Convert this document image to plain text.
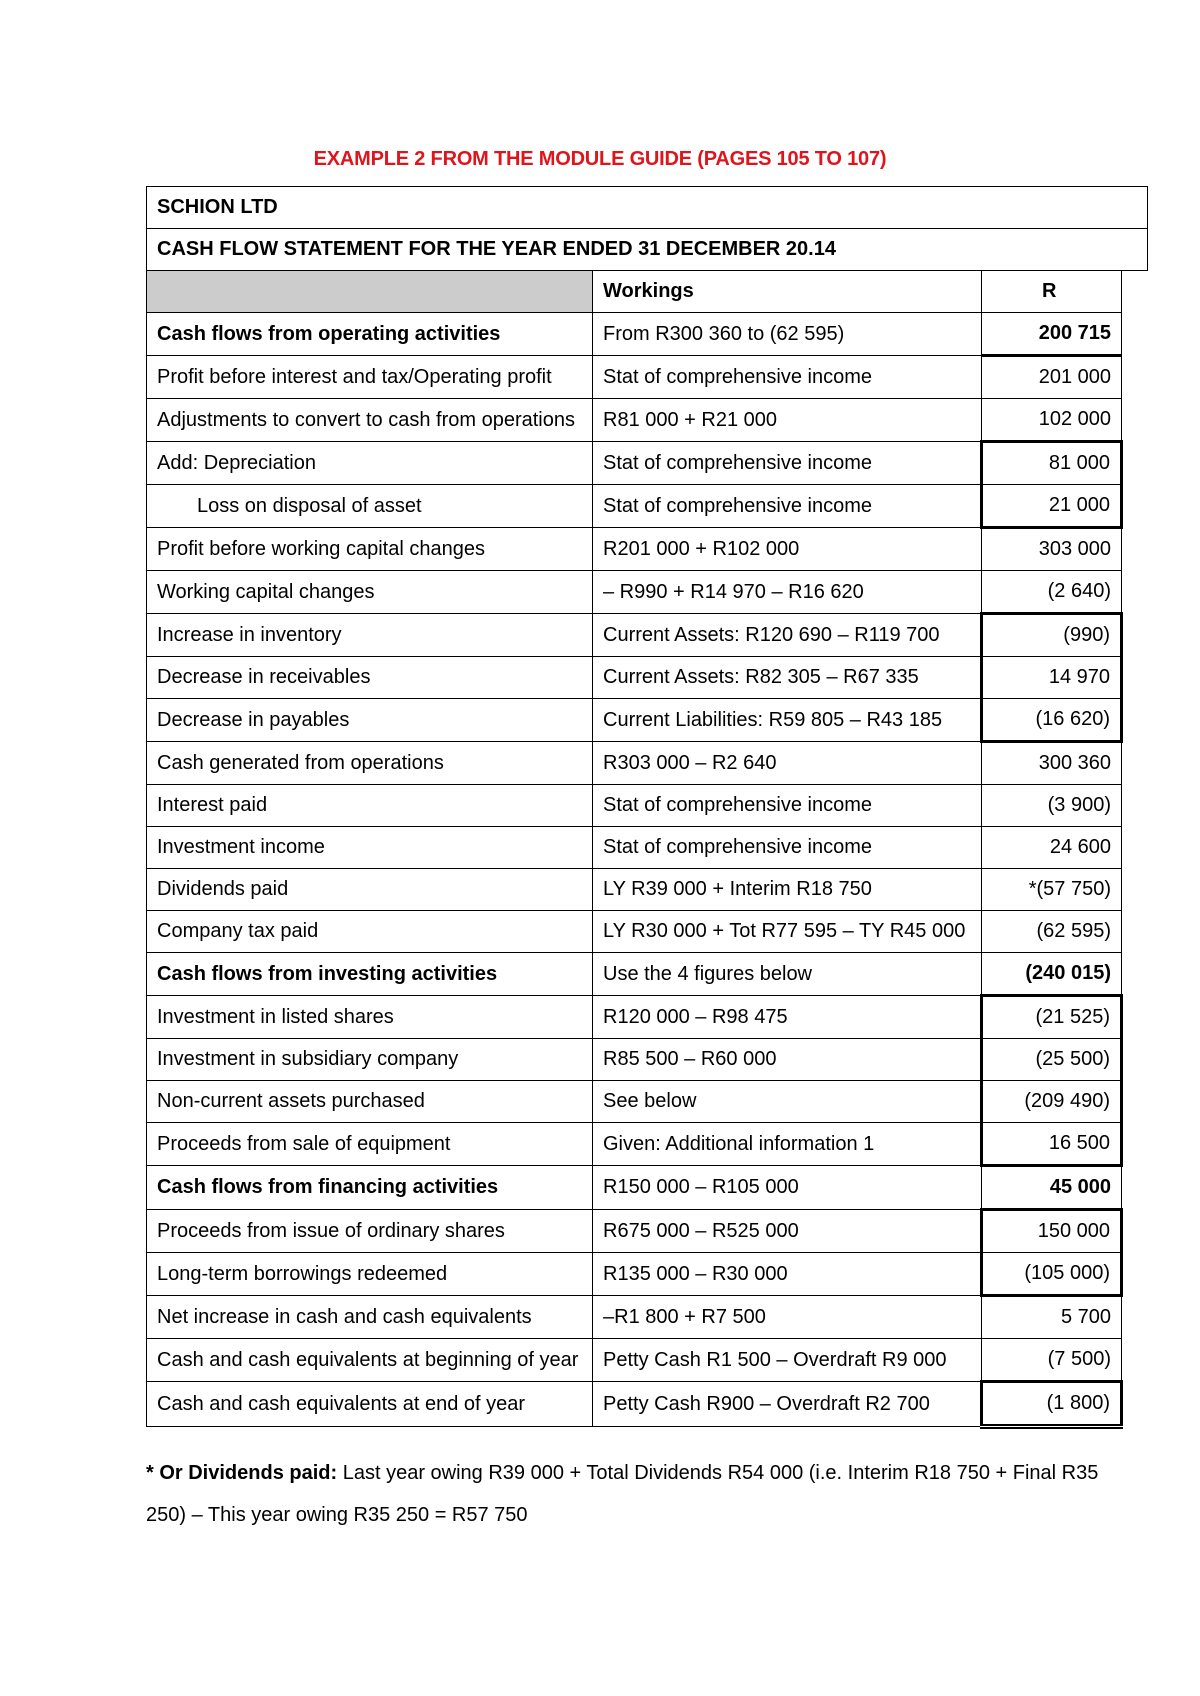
EXAMPLE 2 FROM THE MODULE GUIDE (PAGES 105 TO 107)
SCHION LTD			
CASH FLOW STATEMENT FOR THE YEAR ENDED 31 DECEMBER 20.14			
	Workings	R	
Cash flows from operating activities	From R300 360 to (62 595)	200 715	
Profit before interest and tax/Operating profit	Stat of comprehensive income	201 000	
Adjustments to convert to cash from operations	R81 000 + R21 000	102 000	
Add: Depreciation	Stat of comprehensive income	81 000	
Loss on disposal of asset	Stat of comprehensive income	21 000	
Profit before working capital changes	R201 000 + R102 000	303 000	
Working capital changes	– R990 + R14 970 – R16 620	(2 640)	
Increase in inventory	Current Assets: R120 690 – R119 700	(990)	
Decrease in receivables	Current Assets: R82 305 – R67 335	14 970	
Decrease in payables	Current Liabilities: R59 805 – R43 185	(16 620)	
Cash generated from operations	R303 000 – R2 640	300 360	
Interest paid	Stat of comprehensive income	(3 900)	
Investment income	Stat of comprehensive income	24 600	
Dividends paid	LY R39 000 + Interim R18 750	*(57 750)	
Company tax paid	LY R30 000 + Tot R77 595 – TY R45 000	(62 595)	
Cash flows from investing activities	Use the 4 figures below	(240 015)	
Investment in listed shares	R120 000 – R98 475	(21 525)	
Investment in subsidiary company	R85 500 – R60 000	(25 500)	
Non-current assets purchased	See below	(209 490)	
Proceeds from sale of equipment	Given: Additional information 1	16 500	
Cash flows from financing activities	R150 000 – R105 000	45 000	
Proceeds from issue of ordinary shares	R675 000 – R525 000	150 000	
Long-term borrowings redeemed	R135 000 – R30 000	(105 000)	
Net increase in cash and cash equivalents	–R1 800 + R7 500	5 700	
Cash and cash equivalents at beginning of year	Petty Cash R1 500 – Overdraft R9 000	(7 500)	
Cash and cash equivalents at end of year	Petty Cash R900 – Overdraft R2 700	(1 800)	
* Or Dividends paid: Last year owing R39 000 + Total Dividends R54 000 (i.e. Interim R18 750 + Final R35 250) – This year owing R35 250 = R57 750
